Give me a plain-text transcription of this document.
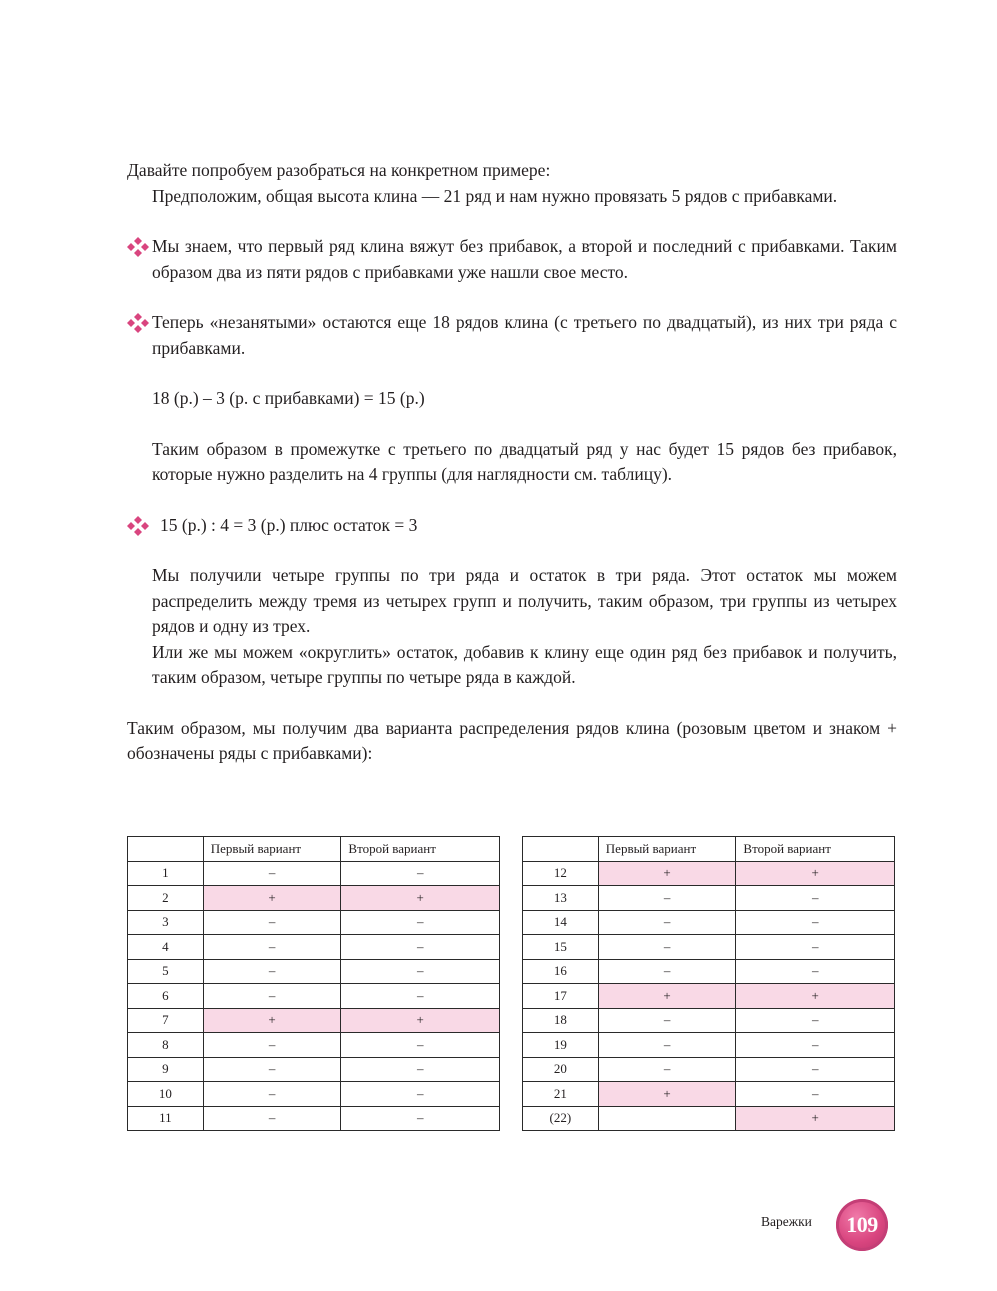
Давайте попробуем разобраться на конкретном примере:

Предположим, общая высота клина — 21 ряд и нам нужно провязать 5 рядов с прибавками.

Мы знаем, что первый ряд клина вяжут без прибавок, а второй и последний с прибавками. Таким образом два из пяти рядов с прибавками уже нашли свое место.

Теперь «незанятыми» остаются еще 18 рядов клина (с третьего по двадцатый), из них три ряда с прибавками.

18 (р.) – 3 (р. с прибавками) = 15 (р.)

Таким образом в промежутке с третьего по двадцатый ряд у нас будет 15 рядов без прибавок, которые нужно разделить на 4 группы (для наглядности см. таблицу).

15 (р.) : 4 = 3 (р.) плюс остаток = 3

Мы получили четыре группы по три ряда и остаток в три ряда. Этот остаток мы можем распределить между тремя из четырех групп и получить, таким образом, три группы из четырех рядов и одну из трех.

Или же мы можем «округлить» остаток, добавив к клину еще один ряд без прибавок и получить, таким образом, четыре группы по четыре ряда в каждой.

Таким образом, мы получим два варианта распределения рядов клина (розовым цветом и знаком + обозначены ряды с прибавками):

	Первый вариант	Второй вариант
1	–	–
2	+	+
3	–	–
4	–	–
5	–	–
6	–	–
7	+	+
8	–	–
9	–	–
10	–	–
11	–	–
	Первый вариант	Второй вариант
12	+	+
13	–	–
14	–	–
15	–	–
16	–	–
17	+	+
18	–	–
19	–	–
20	–	–
21	+	–
(22)		+
Варежки 109
